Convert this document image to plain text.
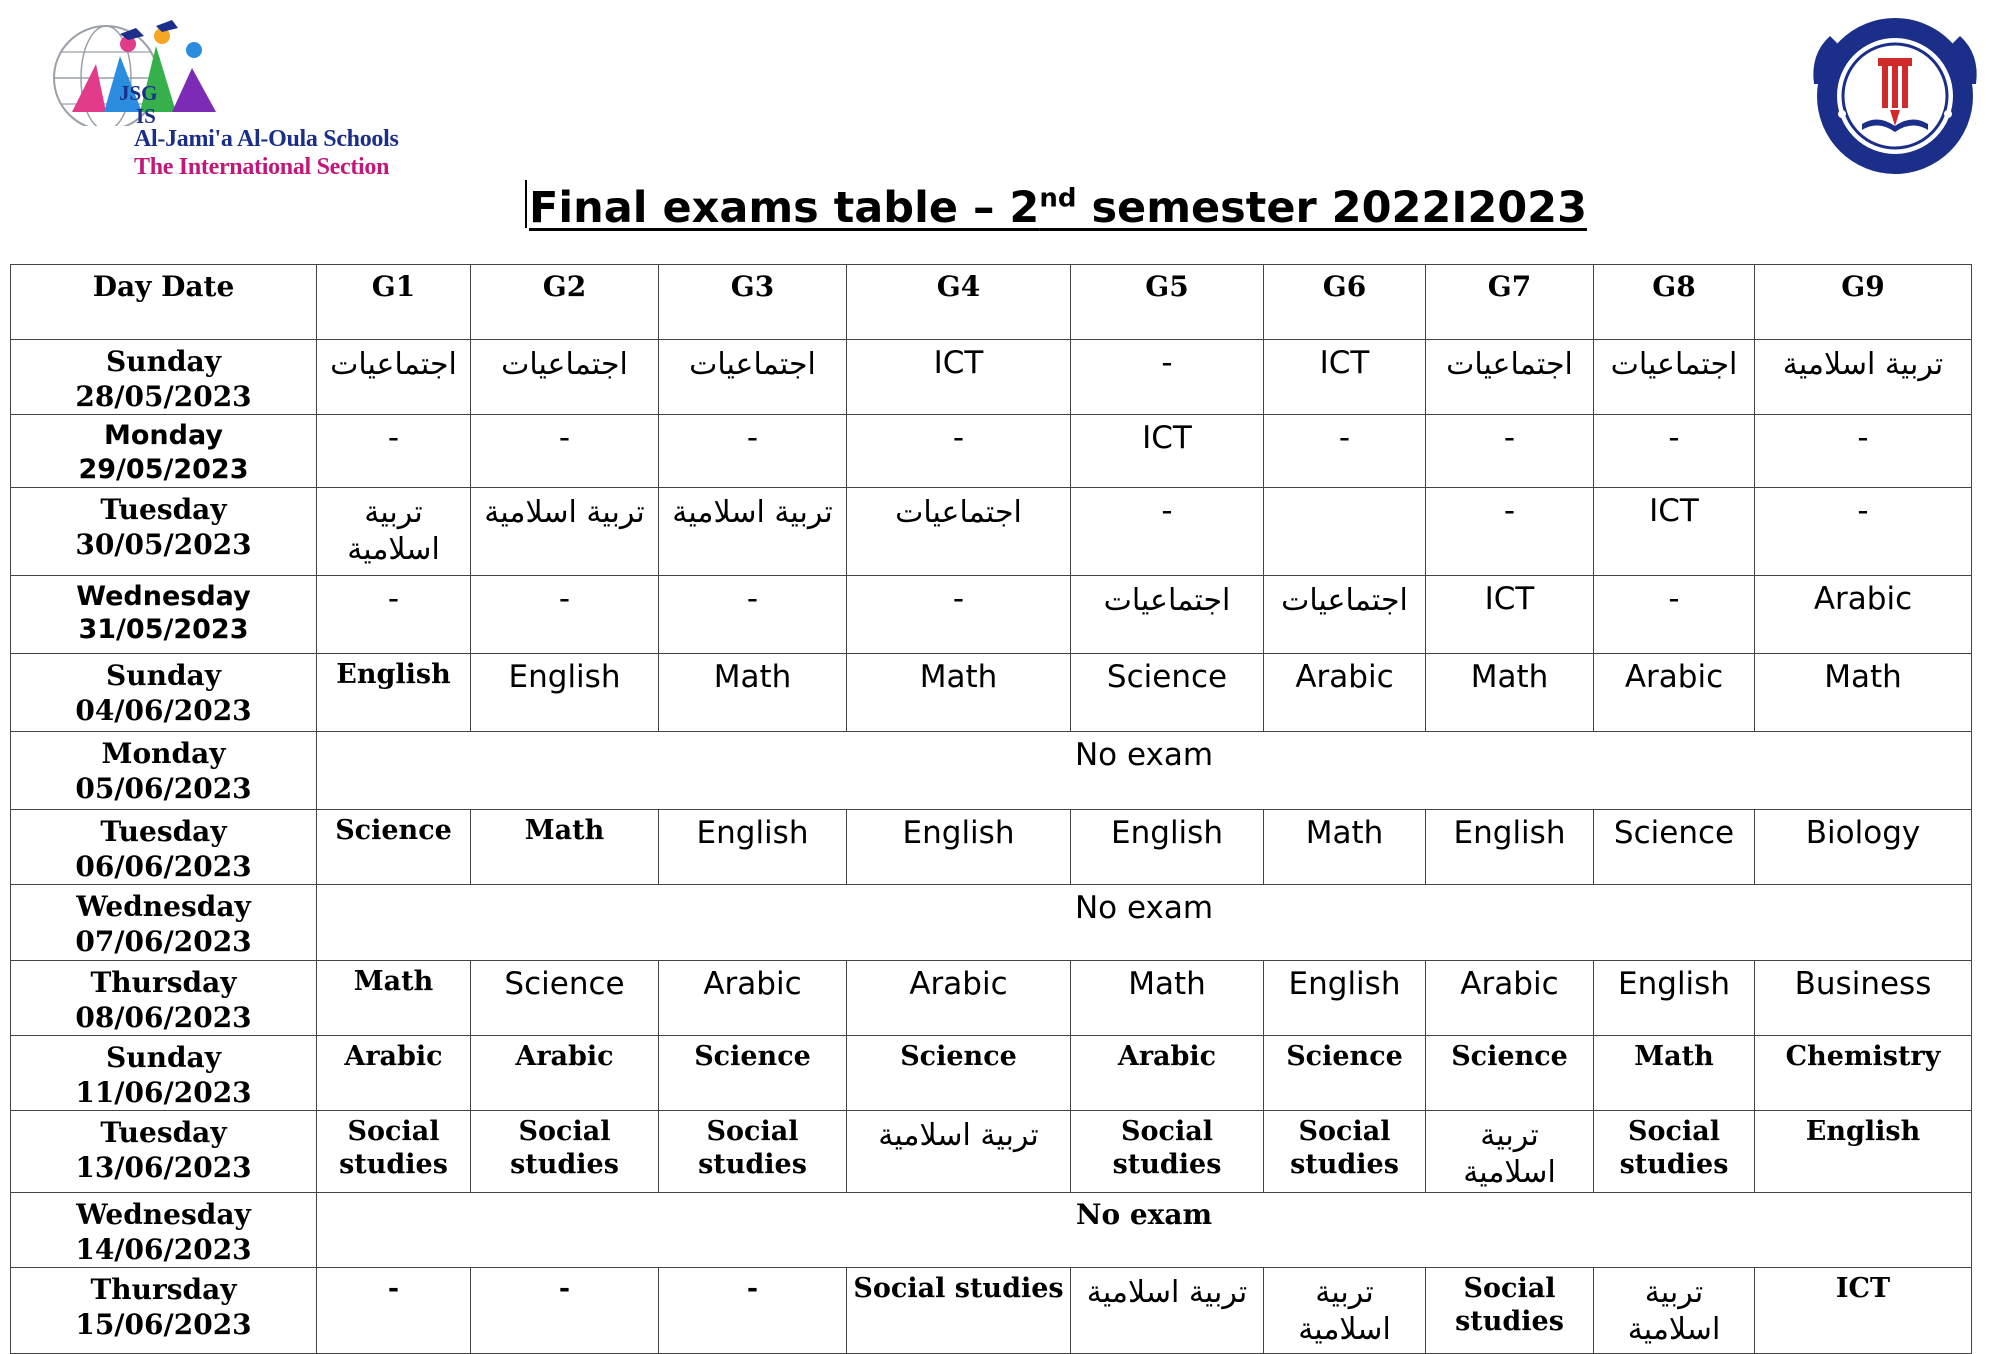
JSG
IS
Al-Jami'a Al-Oula Schools
The International Section
Final exams table – 2nd semester 2022I2023
Day Date	G1	G2	G3	G4	G5	G6	G7	G8	G9
Sunday 28/05/2023	اجتماعيات	اجتماعيات	اجتماعيات	ICT	-	ICT	اجتماعيات	اجتماعيات	تربية اسلامية
Monday 29/05/2023	-	-	-	-	ICT	-	-	-	-
Tuesday 30/05/2023	تربية اسلامية	تربية اسلامية	تربية اسلامية	اجتماعيات	-		-	ICT	-
Wednesday 31/05/2023	-	-	-	-	اجتماعيات	اجتماعيات	ICT	-	Arabic
Sunday 04/06/2023	English	English	Math	Math	Science	Arabic	Math	Arabic	Math
Monday 05/06/2023	No exam								
Tuesday 06/06/2023	Science	Math	English	English	English	Math	English	Science	Biology
Wednesday 07/06/2023	No exam								
Thursday 08/06/2023	Math	Science	Arabic	Arabic	Math	English	Arabic	English	Business
Sunday 11/06/2023	Arabic	Arabic	Science	Science	Arabic	Science	Science	Math	Chemistry
Tuesday 13/06/2023	Social studies	Social studies	Social studies	تربية اسلامية	Social studies	Social studies	تربية اسلامية	Social studies	English
Wednesday 14/06/2023	No exam								
Thursday 15/06/2023	-	-	-	Social studies	تربية اسلامية	تربية اسلامية	Social studies	تربية اسلامية	ICT
